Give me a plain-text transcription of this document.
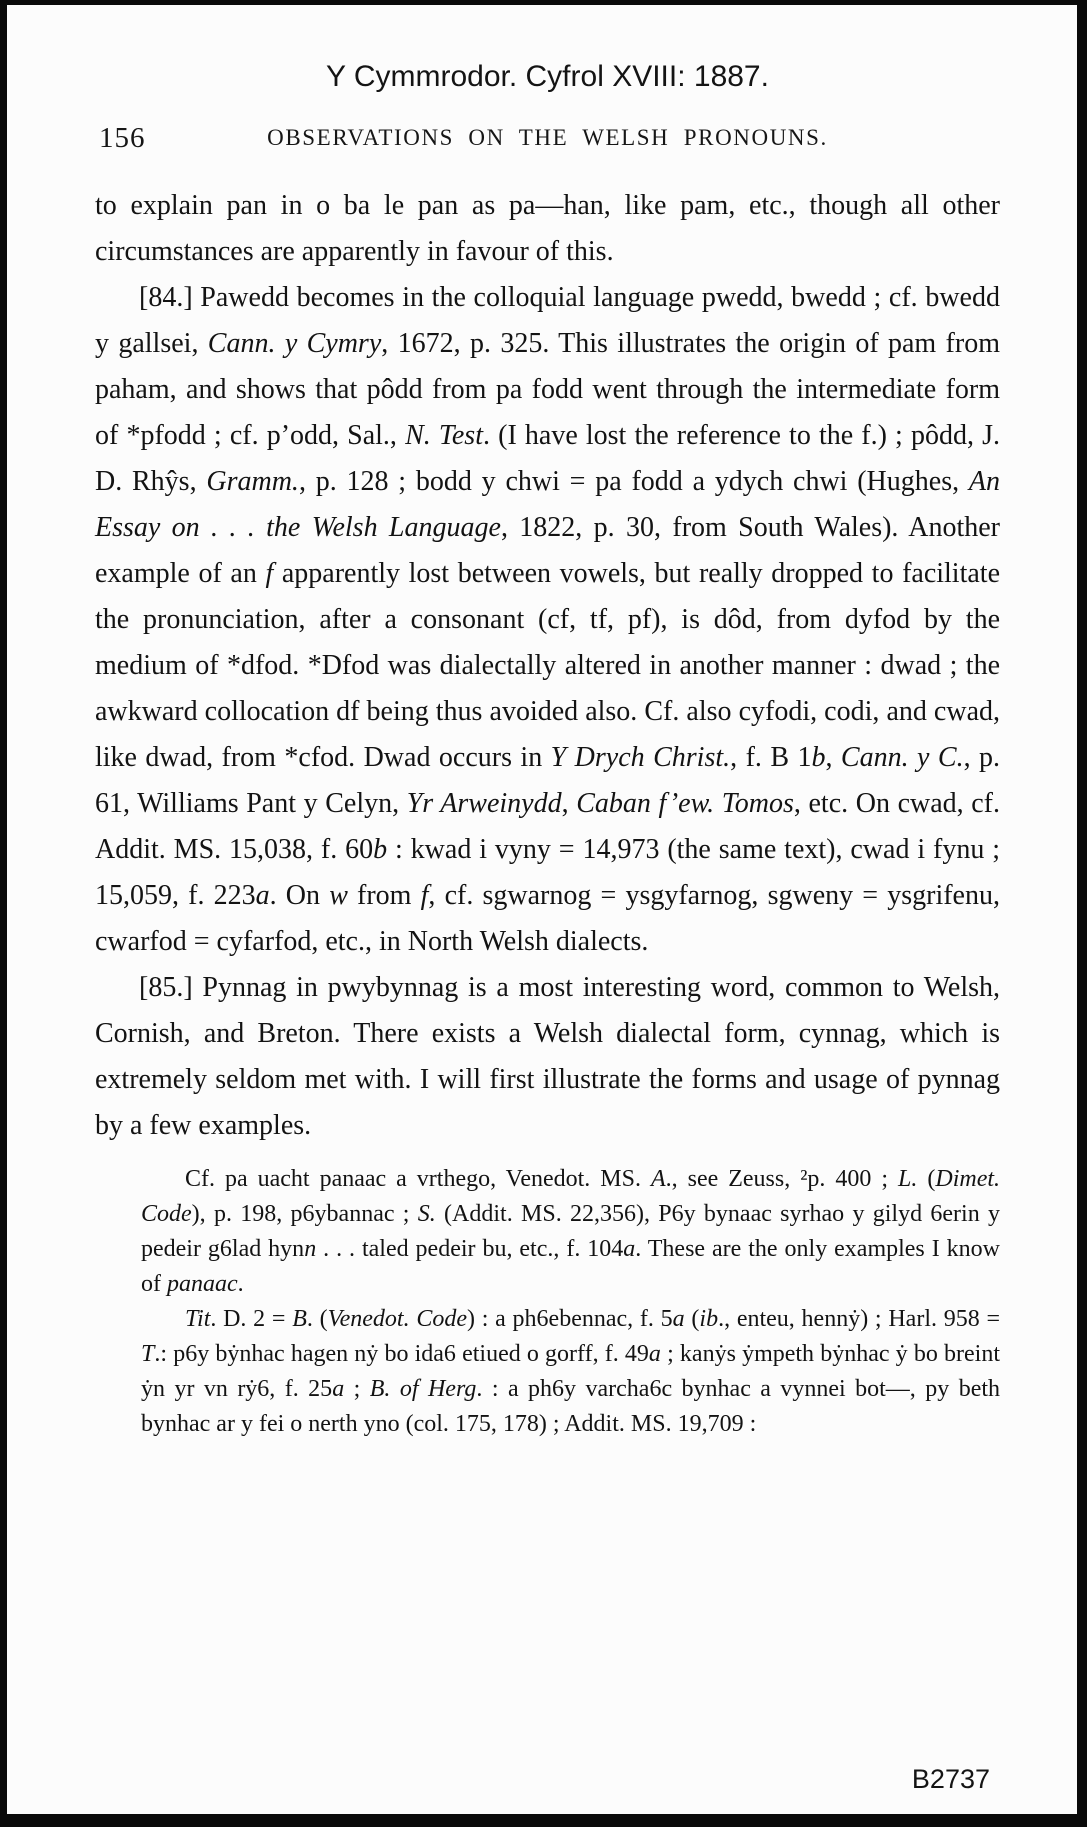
Y Cymmrodor. Cyfrol XVIII: 1887.
156	OBSERVATIONS ON THE WELSH PRONOUNS.

to explain pan in o ba le pan as pa—han, like pam, etc., though all other circumstances are apparently in favour of this.

[84.] Pawedd becomes in the colloquial language pwedd, bwedd ; cf. bwedd y gallsei, Cann. y Cymry, 1672, p. 325. This illustrates the origin of pam from paham, and shows that pôdd from pa fodd went through the intermediate form of *pfodd ; cf. p’odd, Sal., N. Test. (I have lost the reference to the f.) ; pôdd, J. D. Rhŷs, Gramm., p. 128 ; bodd y chwi = pa fodd a ydych chwi (Hughes, An Essay on . . . the Welsh Language, 1822, p. 30, from South Wales). Another example of an f apparently lost between vowels, but really dropped to facilitate the pronunciation, after a consonant (cf, tf, pf), is dôd, from dyfod by the medium of *dfod. *Dfod was dialectally altered in another manner : dwad ; the awkward collocation df being thus avoided also. Cf. also cyfodi, codi, and cwad, like dwad, from *cfod. Dwad occurs in Y Drych Christ., f. B 1b, Cann. y C., p. 61, Williams Pant y Celyn, Yr Arweinydd, Caban f’ew. Tomos, etc. On cwad, cf. Addit. MS. 15,038, f. 60b : kwad i vyny = 14,973 (the same text), cwad i fynu ; 15,059, f. 223a. On w from f, cf. sgwarnog = ysgyfarnog, sgweny = ysgrifenu, cwarfod = cyfarfod, etc., in North Welsh dialects.

[85.] Pynnag in pwybynnag is a most interesting word, common to Welsh, Cornish, and Breton. There exists a Welsh dialectal form, cynnag, which is extremely seldom met with. I will first illustrate the forms and usage of pynnag by a few examples.

Cf. pa uacht panaac a vrthego, Venedot. MS. A., see Zeuss, ²p. 400 ; L. (Dimet. Code), p. 198, p6ybannac ; S. (Addit. MS. 22,356), P6y bynaac syrhao y gilyd 6erin y pedeir g6lad hynn . . . taled pedeir bu, etc., f. 104a. These are the only examples I know of panaac.

Tit. D. 2 = B. (Venedot. Code) : a ph6ebennac, f. 5a (ib., enteu, hennẏ) ; Harl. 958 = T.: p6y bẏnhac hagen nẏ bo ida6 etiued o gorff, f. 49a ; kanẏs ẏmpeth bẏnhac ẏ bo breint ẏn yr vn rẏ6, f. 25a ; B. of Herg. : a ph6y varcha6c bynhac a vynnei bot—, py beth bynhac ar y fei o nerth yno (col. 175, 178) ; Addit. MS. 19,709 :

B2737
